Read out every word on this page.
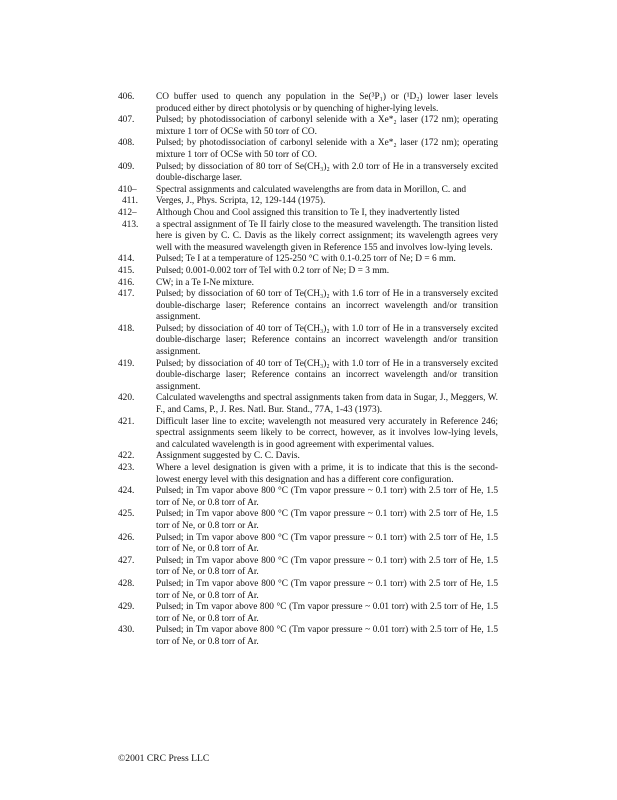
406.	CO buffer used to quench any population in the Se(³P₁) or (¹D₂) lower laser levels produced either by direct photolysis or by quenching of higher-lying levels.
407.	Pulsed; by photodissociation of carbonyl selenide with a Xe*₂ laser (172 nm); operating mixture 1 torr of OCSe with 50 torr of CO.
408.	Pulsed; by photodissociation of carbonyl selenide with a Xe*₂ laser (172 nm); operating mixture 1 torr of OCSe with 50 torr of CO.
409.	Pulsed; by dissociation of 80 torr of Se(CH₃)₂ with 2.0 torr of He in a transversely excited double-discharge laser.
410–	Spectral assignments and calculated wavelengths are from data in Morillon, C. and
411.	Verges, J., Phys. Scripta, 12, 129-144 (1975).
412–	Although Chou and Cool assigned this transition to Te I, they inadvertently listed
413.	a spectral assignment of Te II fairly close to the measured wavelength. The transition listed here is given by C. C. Davis as the likely correct assignment; its wavelength agrees very well with the measured wavelength given in Reference 155 and involves low-lying levels.
414.	Pulsed; Te I at a temperature of 125-250 °C with 0.1-0.25 torr of Ne; D = 6 mm.
415.	Pulsed; 0.001-0.002 torr of TeI with 0.2 torr of Ne; D = 3 mm.
416.	CW; in a Te I-Ne mixture.
417.	Pulsed; by dissociation of 60 torr of Te(CH₃)₂ with 1.6 torr of He in a transversely excited double-discharge laser; Reference contains an incorrect wavelength and/or transition assignment.
418.	Pulsed; by dissociation of 40 torr of Te(CH₃)₂ with 1.0 torr of He in a transversely excited double-discharge laser; Reference contains an incorrect wavelength and/or transition assignment.
419.	Pulsed; by dissociation of 40 torr of Te(CH₃)₂ with 1.0 torr of He in a transversely excited double-discharge laser; Reference contains an incorrect wavelength and/or transition assignment.
420.	Calculated wavelengths and spectral assignments taken from data in Sugar, J., Meggers, W. F., and Cams, P., J. Res. Natl. Bur. Stand., 77A, 1-43 (1973).
421.	Difficult laser line to excite; wavelength not measured very accurately in Reference 246; spectral assignments seem likely to be correct, however, as it involves low-lying levels, and calculated wavelength is in good agreement with experimental values.
422.	Assignment suggested by C. C. Davis.
423.	Where a level designation is given with a prime, it is to indicate that this is the second-lowest energy level with this designation and has a different core configuration.
424.	Pulsed; in Tm vapor above 800 °C (Tm vapor pressure ~ 0.1 torr) with 2.5 torr of He, 1.5 torr of Ne, or 0.8 torr of Ar.
425.	Pulsed; in Tm vapor above 800 °C (Tm vapor pressure ~ 0.1 torr) with 2.5 torr of He, 1.5 torr of Ne, or 0.8 torr or Ar.
426.	Pulsed; in Tm vapor above 800 °C (Tm vapor pressure ~ 0.1 torr) with 2.5 torr of He, 1.5 torr of Ne, or 0.8 torr of Ar.
427.	Pulsed; in Tm vapor above 800 °C (Tm vapor pressure ~ 0.1 torr) with 2.5 torr of He, 1.5 torr of Ne, or 0.8 torr of Ar.
428.	Pulsed; in Tm vapor above 800 °C (Tm vapor pressure ~ 0.1 torr) with 2.5 torr of He, 1.5 torr of Ne, or 0.8 torr of Ar.
429.	Pulsed; in Tm vapor above 800 °C (Tm vapor pressure ~ 0.01 torr) with 2.5 torr of He, 1.5 torr of Ne, or 0.8 torr of Ar.
430.	Pulsed; in Tm vapor above 800 °C (Tm vapor pressure ~ 0.01 torr) with 2.5 torr of He, 1.5 torr of Ne, or 0.8 torr of Ar.
©2001 CRC Press LLC
